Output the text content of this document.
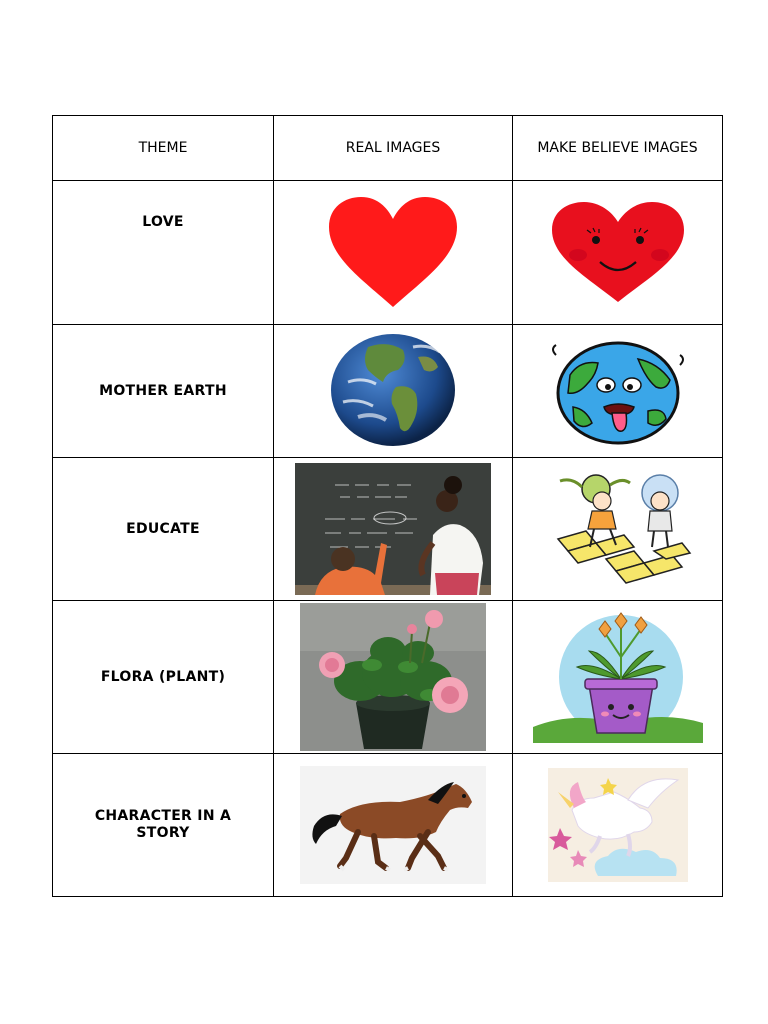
THEME	REAL IMAGES	MAKE BELIEVE IMAGES

LOVE

MOTHER EARTH

EDUCATE

FLORA (PLANT)

CHARACTER IN A STORY
